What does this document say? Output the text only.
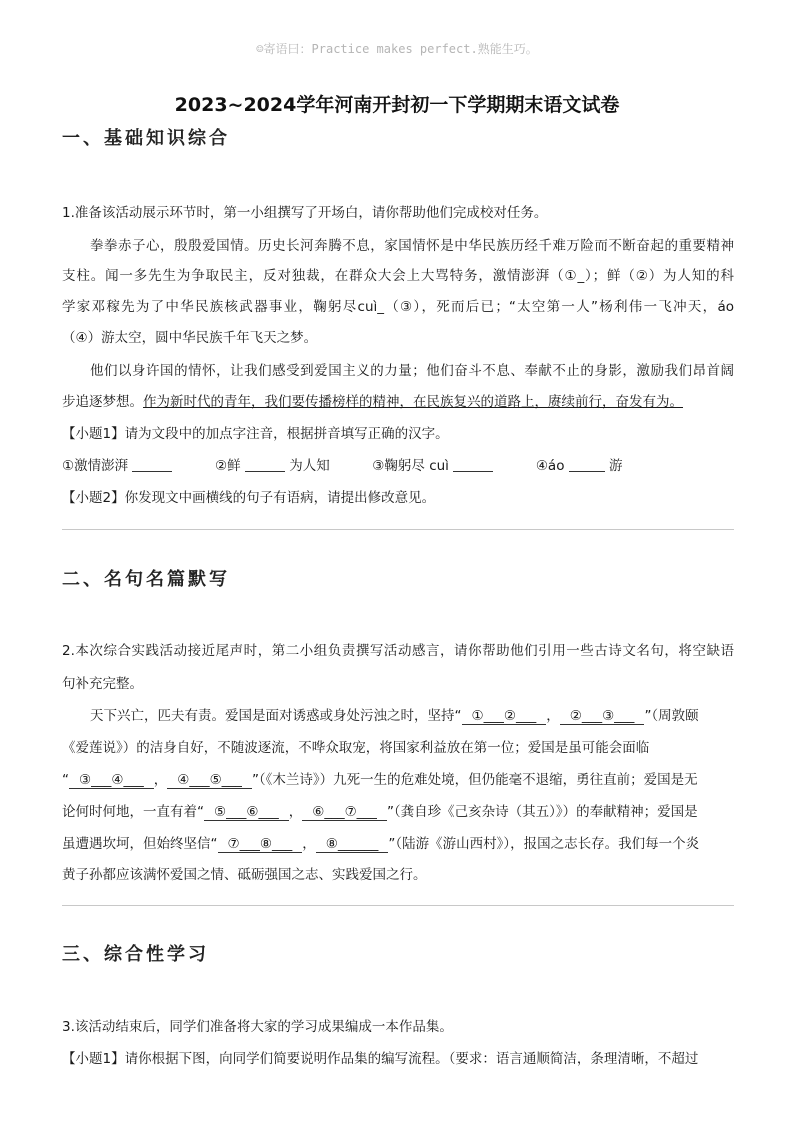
☺寄语曰：Practice makes perfect.熟能生巧。
2023~2024学年河南开封初一下学期期末语文试卷
一、基础知识综合
1.准备该活动展示环节时，第一小组撰写了开场白，请你帮助他们完成校对任务。
拳拳赤子心，殷殷爱国情。历史长河奔腾不息，家国情怀是中华民族历经千难万险而不断奋起的重要精神
支柱。闻一多先生为争取民主，反对独裁，在群众大会上大骂特务，激情澎湃（①_）；鲜（②）为人知的科
学家邓稼先为了中华民族核武器事业，鞠躬尽cuì_（③），死而后已；“太空第一人”杨利伟一飞冲天，áo
（④）游太空，圆中华民族千年飞天之梦。
他们以身许国的情怀，让我们感受到爱国主义的力量；他们奋斗不息、奉献不止的身影，激励我们昂首阔
步追逐梦想。作为新时代的青年，我们要传播榜样的精神，在民族复兴的道路上，赓续前行，奋发有为。
【小题1】请为文段中的加点字注音，根据拼音填写正确的汉字。
①激情澎湃	②鲜	为人知	③鞠躬尽 cuì	④áo	游
【小题2】你发现文中画横线的句子有语病，请提出修改意见。
二、名句名篇默写
2.本次综合实践活动接近尾声时，第二小组负责撰写活动感言，请你帮助他们引用一些古诗文名句，将空缺语
句补充完整。
天下兴亡，匹夫有责。爱国是面对诱惑或身处污浊之时，坚持“ ①___②___ ， ②___③___ ”（周敦颐
《爱莲说》）的洁身自好，不随波逐流，不哗众取宠，将国家利益放在第一位；爱国是虽可能会面临
“ ③___④___ ， ④___⑤___ ”（《木兰诗》）九死一生的危难处境，但仍能毫不退缩，勇往直前；爱国是无
论何时何地，一直有着“ ⑤___⑥___ ， ⑥___⑦___ ”（龚自珍《己亥杂诗（其五）》）的奉献精神；爱国是
虽遭遇坎坷，但始终坚信“ ⑦___⑧___ ， ⑧______ ”（陆游《游山西村》），报国之志长存。我们每一个炎
黄子孙都应该满怀爱国之情、砥砺强国之志、实践爱国之行。
三、综合性学习
3.该活动结束后，同学们准备将大家的学习成果编成一本作品集。
【小题1】请你根据下图，向同学们简要说明作品集的编写流程。（要求：语言通顺简洁，条理清晰，不超过
